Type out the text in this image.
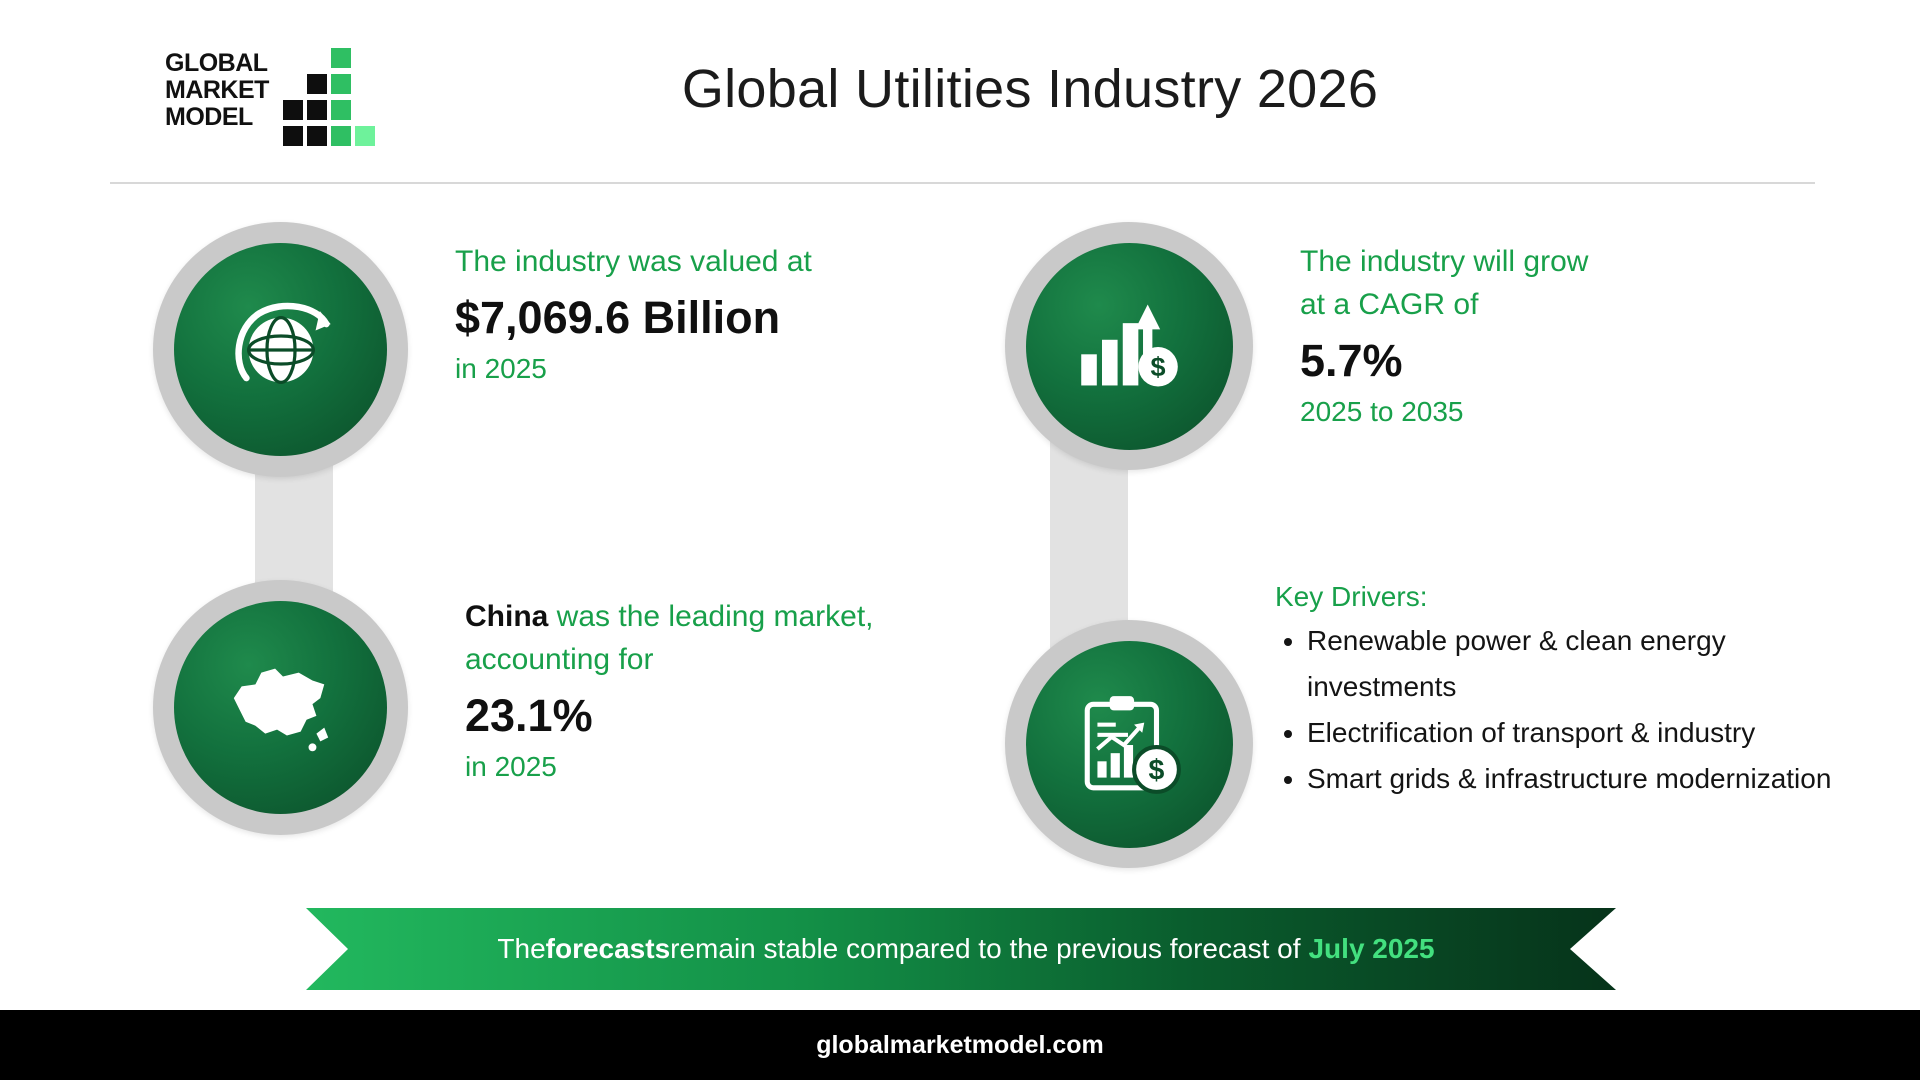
GLOBAL
MARKET
MODEL	Global Utilities Industry 2026
The industry was valued at
$7,069.6 Billion
in 2025	$
The industry will grow
at a CAGR of
5.7%
2025 to 2035
China was the leading market,
accounting for
23.1%
in 2025	$
Key Drivers:
• Renewable power & clean energy investments
• Electrification of transport & industry
• Smart grids & infrastructure modernization
The forecasts remain stable compared to the previous forecast of July 2025
globalmarketmodel.com
